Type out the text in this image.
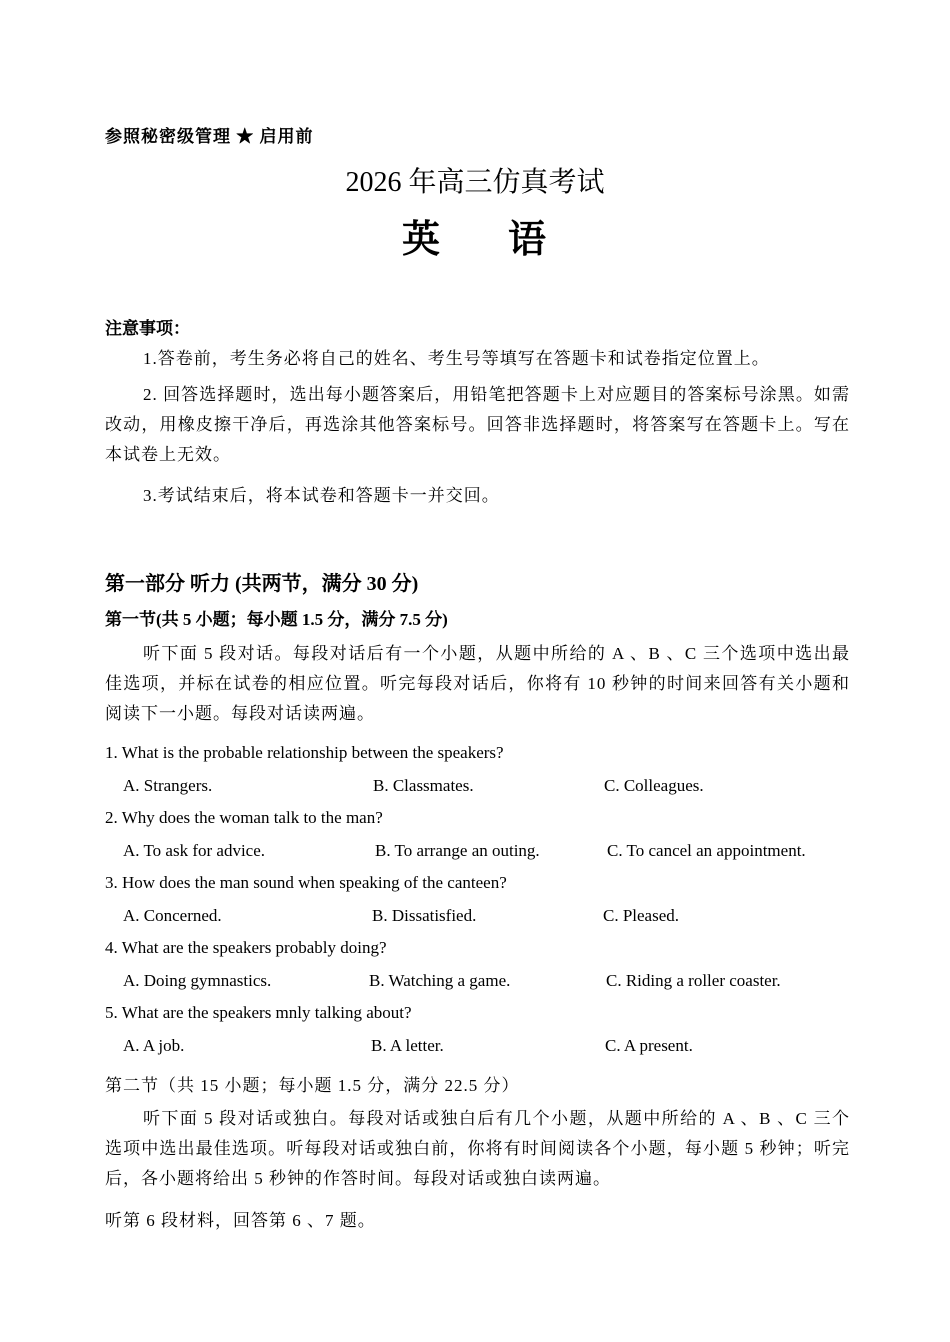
参照秘密级管理 ★ 启用前
2026 年高三仿真考试
英 语
注意事项：
1.答卷前，考生务必将自己的姓名、考生号等填写在答题卡和试卷指定位置上。
2. 回答选择题时，选出每小题答案后，用铅笔把答题卡上对应题目的答案标号涂黑。如需改动，用橡皮擦干净后，再选涂其他答案标号。回答非选择题时，将答案写在答题卡上。写在本试卷上无效。
3.考试结束后，将本试卷和答题卡一并交回。
第一部分 听力 (共两节，满分 30 分)
第一节(共 5 小题；每小题 1.5 分，满分 7.5 分)
听下面 5 段对话。每段对话后有一个小题，从题中所给的 A 、B 、C 三个选项中选出最佳选项，并标在试卷的相应位置。听完每段对话后，你将有 10 秒钟的时间来回答有关小题和阅读下一小题。每段对话读两遍。
1. What is the probable relationship between the speakers?
A. Strangers.	B. Classmates.	C. Colleagues.
2. Why does the woman talk to the man?
A. To ask for advice.	B. To arrange an outing.	C. To cancel an appointment.
3. How does the man sound when speaking of the canteen?
A. Concerned.	B. Dissatisfied.	C. Pleased.
4. What are the speakers probably doing?
A. Doing gymnastics.	B. Watching a game.	C. Riding a roller coaster.
5. What are the speakers mnly talking about?
A. A job.	B. A letter.	C. A present.
第二节（共 15 小题；每小题 1.5 分，满分 22.5 分）
听下面 5 段对话或独白。每段对话或独白后有几个小题，从题中所给的 A 、B 、C 三个选项中选出最佳选项。听每段对话或独白前，你将有时间阅读各个小题，每小题 5 秒钟；听完后，各小题将给出 5 秒钟的作答时间。每段对话或独白读两遍。
听第 6 段材料，回答第 6 、7 题。
